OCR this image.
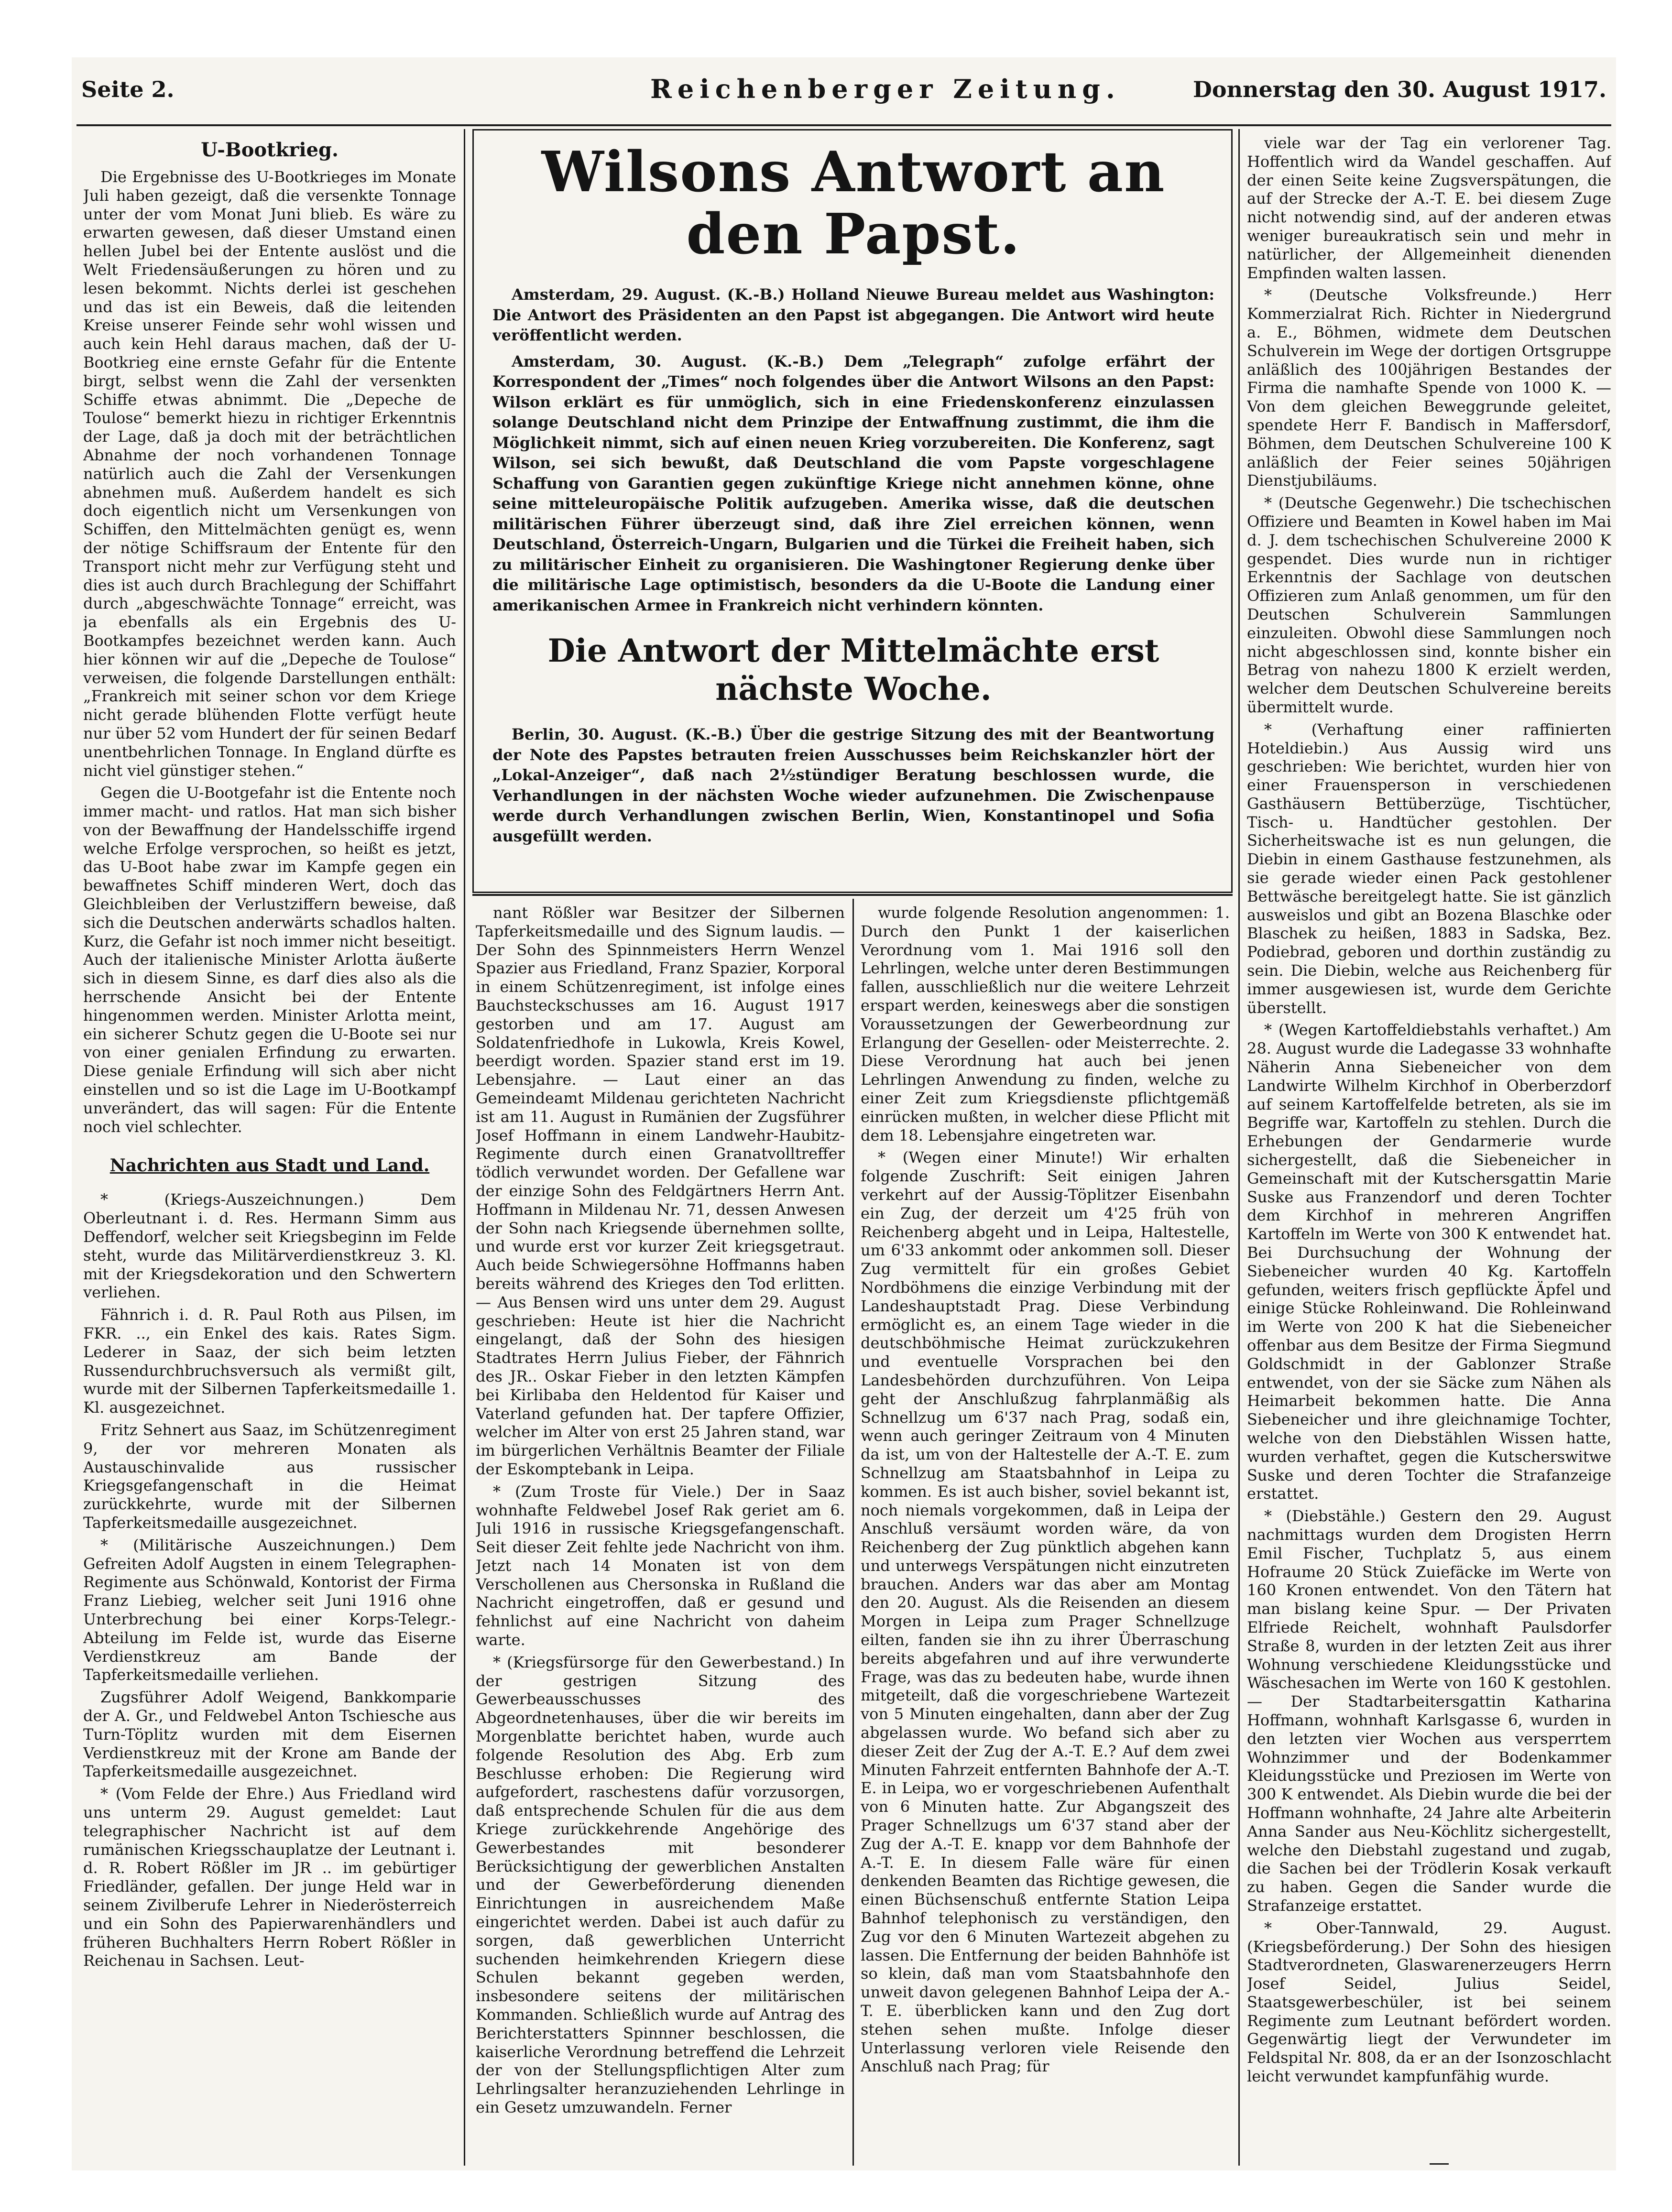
Seite 2.	Reichenberger Zeitung.	Donnerstag den 30. August 1917.
U-Bootkrieg.

Die Ergebnisse des U-Bootkrieges im Monate Juli haben gezeigt, daß die versenkte Tonnage unter der vom Monat Juni blieb. Es wäre zu erwarten gewesen, daß dieser Umstand einen hellen Jubel bei der Entente auslöst und die Welt Friedensäußerungen zu hören und zu lesen bekommt. Nichts derlei ist geschehen und das ist ein Beweis, daß die leitenden Kreise unserer Feinde sehr wohl wissen und auch kein Hehl daraus machen, daß der U-Bootkrieg eine ernste Gefahr für die Entente birgt, selbst wenn die Zahl der versenkten Schiffe etwas abnimmt. Die „Depeche de Toulose“ bemerkt hiezu in richtiger Erkenntnis der Lage, daß ja doch mit der beträchtlichen Abnahme der noch vorhandenen Tonnage natürlich auch die Zahl der Versenkungen abnehmen muß. Außerdem handelt es sich doch eigentlich nicht um Versenkungen von Schiffen, den Mittelmächten genügt es, wenn der nötige Schiffsraum der Entente für den Transport nicht mehr zur Verfügung steht und dies ist auch durch Brachlegung der Schiffahrt durch „abgeschwächte Tonnage“ erreicht, was ja ebenfalls als ein Ergebnis des U-Bootkampfes bezeichnet werden kann. Auch hier können wir auf die „Depeche de Toulose“ verweisen, die folgende Darstellungen enthält: „Frankreich mit seiner schon vor dem Kriege nicht gerade blühenden Flotte verfügt heute nur über 52 vom Hundert der für seinen Bedarf unentbehrlichen Tonnage. In England dürfte es nicht viel günstiger stehen.“

Gegen die U-Bootgefahr ist die Entente noch immer macht- und ratlos. Hat man sich bisher von der Bewaffnung der Handelsschiffe irgend welche Erfolge versprochen, so heißt es jetzt, das U-Boot habe zwar im Kampfe gegen ein bewaffnetes Schiff minderen Wert, doch das Gleichbleiben der Verlustziffern beweise, daß sich die Deutschen anderwärts schadlos halten. Kurz, die Gefahr ist noch immer nicht beseitigt. Auch der italienische Minister Arlotta äußerte sich in diesem Sinne, es darf dies also als die herrschende Ansicht bei der Entente hingenommen werden. Minister Arlotta meint, ein sicherer Schutz gegen die U-Boote sei nur von einer genialen Erfindung zu erwarten. Diese geniale Erfindung will sich aber nicht einstellen und so ist die Lage im U-Bootkampf unverändert, das will sagen: Für die Entente noch viel schlechter.

Nachrichten aus Stadt und Land.

* (Kriegs-Auszeichnungen.) Dem Oberleutnant i. d. Res. Hermann Simm aus Deffendorf, welcher seit Kriegsbeginn im Felde steht, wurde das Militärverdienstkreuz 3. Kl. mit der Kriegsdekoration und den Schwertern verliehen.

Fähnrich i. d. R. Paul Roth aus Pilsen, im FKR. .., ein Enkel des kais. Rates Sigm. Lederer in Saaz, der sich beim letzten Russendurchbruchsversuch als vermißt gilt, wurde mit der Silbernen Tapferkeitsmedaille 1. Kl. ausgezeichnet.

Fritz Sehnert aus Saaz, im Schützenregiment 9, der vor mehreren Monaten als Austauschinvalide aus russischer Kriegsgefangenschaft in die Heimat zurückkehrte, wurde mit der Silbernen Tapferkeitsmedaille ausgezeichnet.

* (Militärische Auszeichnungen.) Dem Gefreiten Adolf Augsten in einem Telegraphen-Regimente aus Schönwald, Kontorist der Firma Franz Liebieg, welcher seit Juni 1916 ohne Unterbrechung bei einer Korps-Telegr.-Abteilung im Felde ist, wurde das Eiserne Verdienstkreuz am Bande der Tapferkeitsmedaille verliehen.

Zugsführer Adolf Weigend, Bankkomparie der A. Gr., und Feldwebel Anton Tschiesche aus Turn-Töplitz wurden mit dem Eisernen Verdienstkreuz mit der Krone am Bande der Tapferkeitsmedaille ausgezeichnet.

* (Vom Felde der Ehre.) Aus Friedland wird uns unterm 29. August gemeldet: Laut telegraphischer Nachricht ist auf dem rumänischen Kriegsschauplatze der Leutnant i. d. R. Robert Rößler im JR .. im gebürtiger Friedländer, gefallen. Der junge Held war in seinem Zivilberufe Lehrer in Niederösterreich und ein Sohn des Papierwarenhändlers und früheren Buchhalters Herrn Robert Rößler in Reichenau in Sachsen. Leut-

Wilsons Antwort an den Papst.

Amsterdam, 29. August. (K.-B.) Holland Nieuwe Bureau meldet aus Washington: Die Antwort des Präsidenten an den Papst ist abgegangen. Die Antwort wird heute veröffentlicht werden.

Amsterdam, 30. August. (K.-B.) Dem „Telegraph“ zufolge erfährt der Korrespondent der „Times“ noch folgendes über die Antwort Wilsons an den Papst: Wilson erklärt es für unmöglich, sich in eine Friedenskonferenz einzulassen solange Deutschland nicht dem Prinzipe der Entwaffnung zustimmt, die ihm die Möglichkeit nimmt, sich auf einen neuen Krieg vorzubereiten. Die Konferenz, sagt Wilson, sei sich bewußt, daß Deutschland die vom Papste vorgeschlagene Schaffung von Garantien gegen zukünftige Kriege nicht annehmen könne, ohne seine mitteleuropäische Politik aufzugeben. Amerika wisse, daß die deutschen militärischen Führer überzeugt sind, daß ihre Ziel erreichen können, wenn Deutschland, Österreich-Ungarn, Bulgarien und die Türkei die Freiheit haben, sich zu militärischer Einheit zu organisieren. Die Washingtoner Regierung denke über die militärische Lage optimistisch, besonders da die U-Boote die Landung einer amerikanischen Armee in Frankreich nicht verhindern könnten.

Die Antwort der Mittelmächte erst nächste Woche.

Berlin, 30. August. (K.-B.) Über die gestrige Sitzung des mit der Beantwortung der Note des Papstes betrauten freien Ausschusses beim Reichskanzler hört der „Lokal-Anzeiger“, daß nach 2½stündiger Beratung beschlossen wurde, die Verhandlungen in der nächsten Woche wieder aufzunehmen. Die Zwischenpause werde durch Verhandlungen zwischen Berlin, Wien, Konstantinopel und Sofia ausgefüllt werden.

nant Rößler war Besitzer der Silbernen Tapferkeitsmedaille und des Signum laudis. — Der Sohn des Spinnmeisters Herrn Wenzel Spazier aus Friedland, Franz Spazier, Korporal in einem Schützenregiment, ist infolge eines Bauchsteckschusses am 16. August 1917 gestorben und am 17. August am Soldatenfriedhofe in Lukowla, Kreis Kowel, beerdigt worden. Spazier stand erst im 19. Lebensjahre. — Laut einer an das Gemeindeamt Mildenau gerichteten Nachricht ist am 11. August in Rumänien der Zugsführer Josef Hoffmann in einem Landwehr-Haubitz-Regimente durch einen Granatvolltreffer tödlich verwundet worden. Der Gefallene war der einzige Sohn des Feldgärtners Herrn Ant. Hoffmann in Mildenau Nr. 71, dessen Anwesen der Sohn nach Kriegsende übernehmen sollte, und wurde erst vor kurzer Zeit kriegsgetraut. Auch beide Schwiegersöhne Hoffmanns haben bereits während des Krieges den Tod erlitten. — Aus Bensen wird uns unter dem 29. August geschrieben: Heute ist hier die Nachricht eingelangt, daß der Sohn des hiesigen Stadtrates Herrn Julius Fieber, der Fähnrich des JR.. Oskar Fieber in den letzten Kämpfen bei Kirlibaba den Heldentod für Kaiser und Vaterland gefunden hat. Der tapfere Offizier, welcher im Alter von erst 25 Jahren stand, war im bürgerlichen Verhältnis Beamter der Filiale der Eskomptebank in Leipa.

* (Zum Troste für Viele.) Der in Saaz wohnhafte Feldwebel Josef Rak geriet am 6. Juli 1916 in russische Kriegsgefangenschaft. Seit dieser Zeit fehlte jede Nachricht von ihm. Jetzt nach 14 Monaten ist von dem Verschollenen aus Chersonska in Rußland die Nachricht eingetroffen, daß er gesund und fehnlichst auf eine Nachricht von daheim warte.

* (Kriegsfürsorge für den Gewerbestand.) In der gestrigen Sitzung des Gewerbeausschusses des Abgeordnetenhauses, über die wir bereits im Morgenblatte berichtet haben, wurde auch folgende Resolution des Abg. Erb zum Beschlusse erhoben: Die Regierung wird aufgefordert, raschestens dafür vorzusorgen, daß entsprechende Schulen für die aus dem Kriege zurückkehrende Angehörige des Gewerbestandes mit besonderer Berücksichtigung der gewerblichen Anstalten und der Gewerbeförderung dienenden Einrichtungen in ausreichendem Maße eingerichtet werden. Dabei ist auch dafür zu sorgen, daß gewerblichen Unterricht suchenden heimkehrenden Kriegern diese Schulen bekannt gegeben werden, insbesondere seitens der militärischen Kommanden. Schließlich wurde auf Antrag des Berichterstatters Spinnner beschlossen, die kaiserliche Verordnung betreffend die Lehrzeit der von der Stellungspflichtigen Alter zum Lehrlingsalter heranzuziehenden Lehrlinge in ein Gesetz umzuwandeln. Ferner

wurde folgende Resolution angenommen: 1. Durch den Punkt 1 der kaiserlichen Verordnung vom 1. Mai 1916 soll den Lehrlingen, welche unter deren Bestimmungen fallen, ausschließlich nur die weitere Lehrzeit erspart werden, keineswegs aber die sonstigen Voraussetzungen der Gewerbeordnung zur Erlangung der Gesellen- oder Meisterrechte. 2. Diese Verordnung hat auch bei jenen Lehrlingen Anwendung zu finden, welche zu einer Zeit zum Kriegsdienste pflichtgemäß einrücken mußten, in welcher diese Pflicht mit dem 18. Lebensjahre eingetreten war.

* (Wegen einer Minute!) Wir erhalten folgende Zuschrift: Seit einigen Jahren verkehrt auf der Aussig-Töplitzer Eisenbahn ein Zug, der derzeit um 4'25 früh von Reichenberg abgeht und in Leipa, Haltestelle, um 6'33 ankommt oder ankommen soll. Dieser Zug vermittelt für ein großes Gebiet Nordböhmens die einzige Verbindung mit der Landeshauptstadt Prag. Diese Verbindung ermöglicht es, an einem Tage wieder in die deutschböhmische Heimat zurückzukehren und eventuelle Vorsprachen bei den Landesbehörden durchzuführen. Von Leipa geht der Anschlußzug fahrplanmäßig als Schnellzug um 6'37 nach Prag, sodaß ein, wenn auch geringer Zeitraum von 4 Minuten da ist, um von der Haltestelle der A.-T. E. zum Schnellzug am Staatsbahnhof in Leipa zu kommen. Es ist auch bisher, soviel bekannt ist, noch niemals vorgekommen, daß in Leipa der Anschluß versäumt worden wäre, da von Reichenberg der Zug pünktlich abgehen kann und unterwegs Verspätungen nicht einzutreten brauchen. Anders war das aber am Montag den 20. August. Als die Reisenden an diesem Morgen in Leipa zum Prager Schnellzuge eilten, fanden sie ihn zu ihrer Überraschung bereits abgefahren und auf ihre verwunderte Frage, was das zu bedeuten habe, wurde ihnen mitgeteilt, daß die vorgeschriebene Wartezeit von 5 Minuten eingehalten, dann aber der Zug abgelassen wurde. Wo befand sich aber zu dieser Zeit der Zug der A.-T. E.? Auf dem zwei Minuten Fahrzeit entfernten Bahnhofe der A.-T. E. in Leipa, wo er vorgeschriebenen Aufenthalt von 6 Minuten hatte. Zur Abgangszeit des Prager Schnellzugs um 6'37 stand aber der Zug der A.-T. E. knapp vor dem Bahnhofe der A.-T. E. In diesem Falle wäre für einen denkenden Beamten das Richtige gewesen, die einen Büchsenschuß entfernte Station Leipa Bahnhof telephonisch zu verständigen, den Zug vor den 6 Minuten Wartezeit abgehen zu lassen. Die Entfernung der beiden Bahnhöfe ist so klein, daß man vom Staatsbahnhofe den unweit davon gelegenen Bahnhof Leipa der A.-T. E. überblicken kann und den Zug dort stehen sehen mußte. Infolge dieser Unterlassung verloren viele Reisende den Anschluß nach Prag; für

viele war der Tag ein verlorener Tag. Hoffentlich wird da Wandel geschaffen. Auf der einen Seite keine Zugsverspätungen, die auf der Strecke der A.-T. E. bei diesem Zuge nicht notwendig sind, auf der anderen etwas weniger bureaukratisch sein und mehr in natürlicher, der Allgemeinheit dienenden Empfinden walten lassen.

* (Deutsche Volksfreunde.) Herr Kommerzialrat Rich. Richter in Niedergrund a. E., Böhmen, widmete dem Deutschen Schulverein im Wege der dortigen Ortsgruppe anläßlich des 100jährigen Bestandes der Firma die namhafte Spende von 1000 K. — Von dem gleichen Beweggrunde geleitet, spendete Herr F. Bandisch in Maffersdorf, Böhmen, dem Deutschen Schulvereine 100 K anläßlich der Feier seines 50jährigen Dienstjubiläums.

* (Deutsche Gegenwehr.) Die tschechischen Offiziere und Beamten in Kowel haben im Mai d. J. dem tschechischen Schulvereine 2000 K gespendet. Dies wurde nun in richtiger Erkenntnis der Sachlage von deutschen Offizieren zum Anlaß genommen, um für den Deutschen Schulverein Sammlungen einzuleiten. Obwohl diese Sammlungen noch nicht abgeschlossen sind, konnte bisher ein Betrag von nahezu 1800 K erzielt werden, welcher dem Deutschen Schulvereine bereits übermittelt wurde.

* (Verhaftung einer raffinierten Hoteldiebin.) Aus Aussig wird uns geschrieben: Wie berichtet, wurden hier von einer Frauensperson in verschiedenen Gasthäusern Bettüberzüge, Tischtücher, Tisch- u. Handtücher gestohlen. Der Sicherheitswache ist es nun gelungen, die Diebin in einem Gasthause festzunehmen, als sie gerade wieder einen Pack gestohlener Bettwäsche bereitgelegt hatte. Sie ist gänzlich ausweislos und gibt an Bozena Blaschke oder Blaschek zu heißen, 1883 in Sadska, Bez. Podiebrad, geboren und dorthin zuständig zu sein. Die Diebin, welche aus Reichenberg für immer ausgewiesen ist, wurde dem Gerichte überstellt.

* (Wegen Kartoffeldiebstahls verhaftet.) Am 28. August wurde die Ladegasse 33 wohnhafte Näherin Anna Siebeneicher von dem Landwirte Wilhelm Kirchhof in Oberberzdorf auf seinem Kartoffelfelde betreten, als sie im Begriffe war, Kartoffeln zu stehlen. Durch die Erhebungen der Gendarmerie wurde sichergestellt, daß die Siebeneicher in Gemeinschaft mit der Kutschersgattin Marie Suske aus Franzendorf und deren Tochter dem Kirchhof in mehreren Angriffen Kartoffeln im Werte von 300 K entwendet hat. Bei Durchsuchung der Wohnung der Siebeneicher wurden 40 Kg. Kartoffeln gefunden, weiters frisch gepflückte Äpfel und einige Stücke Rohleinwand. Die Rohleinwand im Werte von 200 K hat die Siebeneicher offenbar aus dem Besitze der Firma Siegmund Goldschmidt in der Gablonzer Straße entwendet, von der sie Säcke zum Nähen als Heimarbeit bekommen hatte. Die Anna Siebeneicher und ihre gleichnamige Tochter, welche von den Diebstählen Wissen hatte, wurden verhaftet, gegen die Kutscherswitwe Suske und deren Tochter die Strafanzeige erstattet.

* (Diebstähle.) Gestern den 29. August nachmittags wurden dem Drogisten Herrn Emil Fischer, Tuchplatz 5, aus einem Hofraume 20 Stück Zuiefäcke im Werte von 160 Kronen entwendet. Von den Tätern hat man bislang keine Spur. — Der Privaten Elfriede Reichelt, wohnhaft Paulsdorfer Straße 8, wurden in der letzten Zeit aus ihrer Wohnung verschiedene Kleidungsstücke und Wäschesachen im Werte von 160 K gestohlen. — Der Stadtarbeitersgattin Katharina Hoffmann, wohnhaft Karlsgasse 6, wurden in den letzten vier Wochen aus versperrtem Wohnzimmer und der Bodenkammer Kleidungsstücke und Preziosen im Werte von 300 K entwendet. Als Diebin wurde die bei der Hoffmann wohnhafte, 24 Jahre alte Arbeiterin Anna Sander aus Neu-Köchlitz sichergestellt, welche den Diebstahl zugestand und zugab, die Sachen bei der Trödlerin Kosak verkauft zu haben. Gegen die Sander wurde die Strafanzeige erstattet.

* Ober-Tannwald, 29. August. (Kriegsbeförderung.) Der Sohn des hiesigen Stadtverordneten, Glaswarenerzeugers Herrn Josef Seidel, Julius Seidel, Staatsgewerbeschüler, ist bei seinem Regimente zum Leutnant befördert worden. Gegenwärtig liegt der Verwundeter im Feldspital Nr. 808, da er an der Isonzoschlacht leicht verwundet kampfunfähig wurde.
